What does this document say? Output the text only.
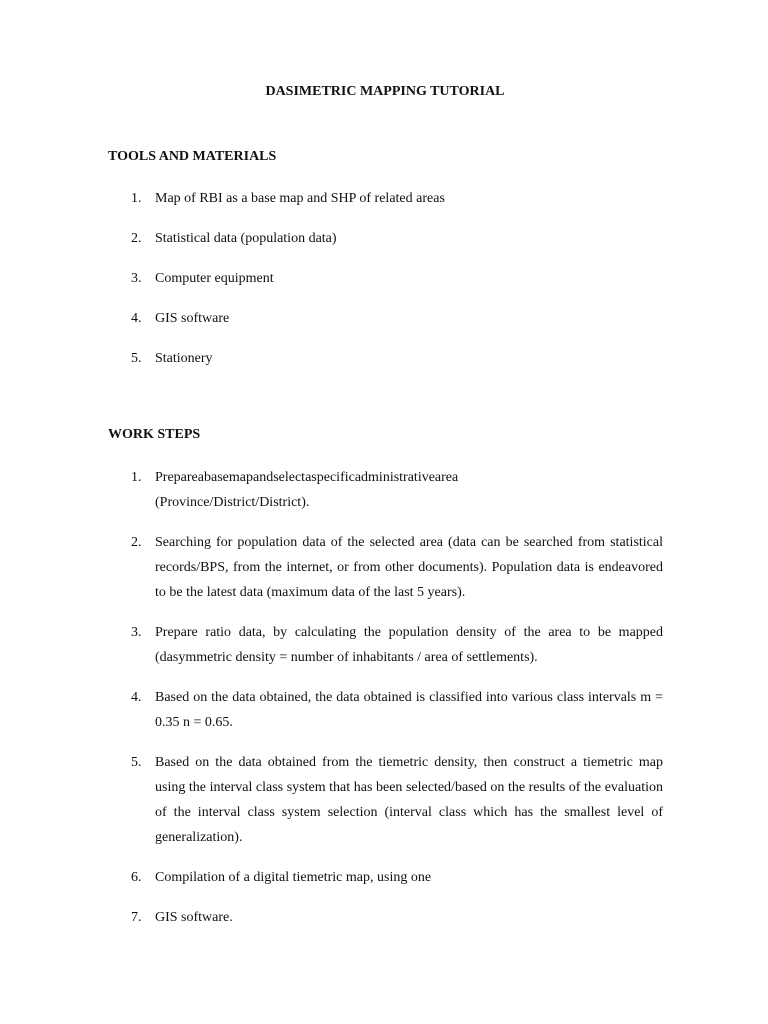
DASIMETRIC MAPPING TUTORIAL
TOOLS AND MATERIALS
1. Map of RBI as a base map and SHP of related areas
2. Statistical data (population data)
3. Computer equipment
4. GIS software
5. Stationery
WORK STEPS
1. Prepareabasemapandselectaspecificadministrativearea
(Province/District/District).
2. Searching for population data of the selected area (data can be searched from statistical records/BPS, from the internet, or from other documents). Population data is endeavored to be the latest data (maximum data of the last 5 years).
3. Prepare ratio data, by calculating the population density of the area to be mapped (dasymmetric density = number of inhabitants / area of settlements).
4. Based on the data obtained, the data obtained is classified into various class intervals m = 0.35 n = 0.65.
5. Based on the data obtained from the tiemetric density, then construct a tiemetric map using the interval class system that has been selected/based on the results of the evaluation of the interval class system selection (interval class which has the smallest level of generalization).
6. Compilation of a digital tiemetric map, using one
7. GIS software.
